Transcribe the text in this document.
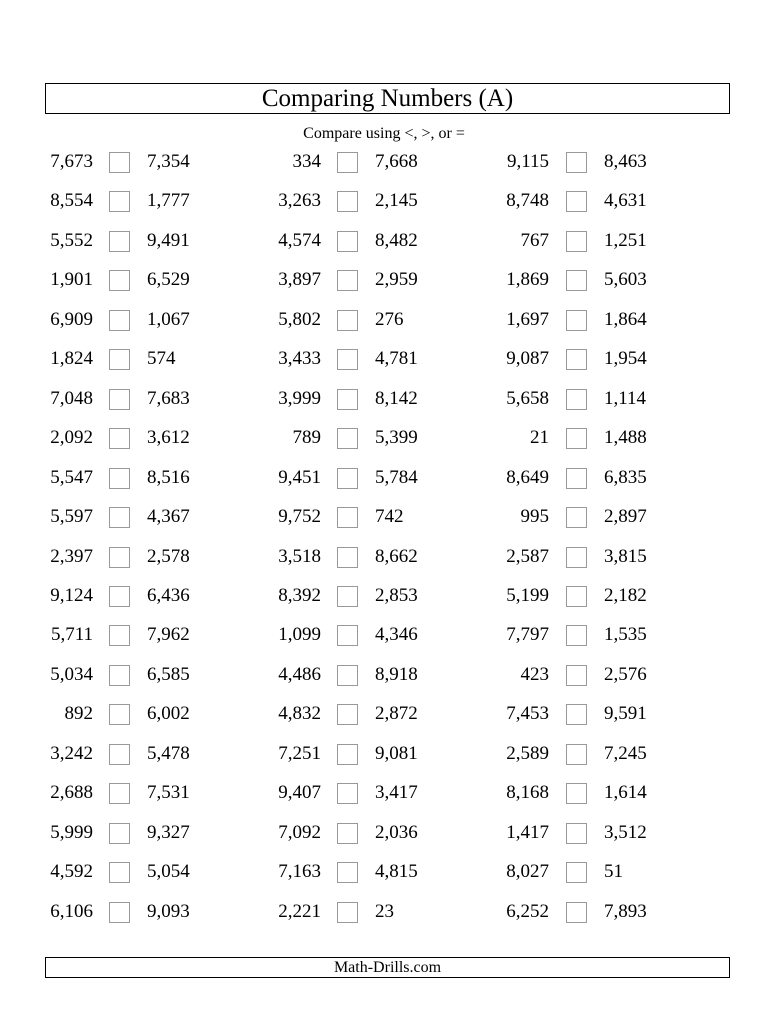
Comparing Numbers (A)
Compare using <, >, or =
7,673	7,354
8,554	1,777
5,552	9,491
1,901	6,529
6,909	1,067
1,824	574
7,048	7,683
2,092	3,612
5,547	8,516
5,597	4,367
2,397	2,578
9,124	6,436
5,711	7,962
5,034	6,585
892	6,002
3,242	5,478
2,688	7,531
5,999	9,327
4,592	5,054
6,106	9,093
334	7,668
3,263	2,145
4,574	8,482
3,897	2,959
5,802	276
3,433	4,781
3,999	8,142
789	5,399
9,451	5,784
9,752	742
3,518	8,662
8,392	2,853
1,099	4,346
4,486	8,918
4,832	2,872
7,251	9,081
9,407	3,417
7,092	2,036
7,163	4,815
2,221	23
9,115	8,463
8,748	4,631
767	1,251
1,869	5,603
1,697	1,864
9,087	1,954
5,658	1,114
21	1,488
8,649	6,835
995	2,897
2,587	3,815
5,199	2,182
7,797	1,535
423	2,576
7,453	9,591
2,589	7,245
8,168	1,614
1,417	3,512
8,027	51
6,252	7,893
Math-Drills.com
